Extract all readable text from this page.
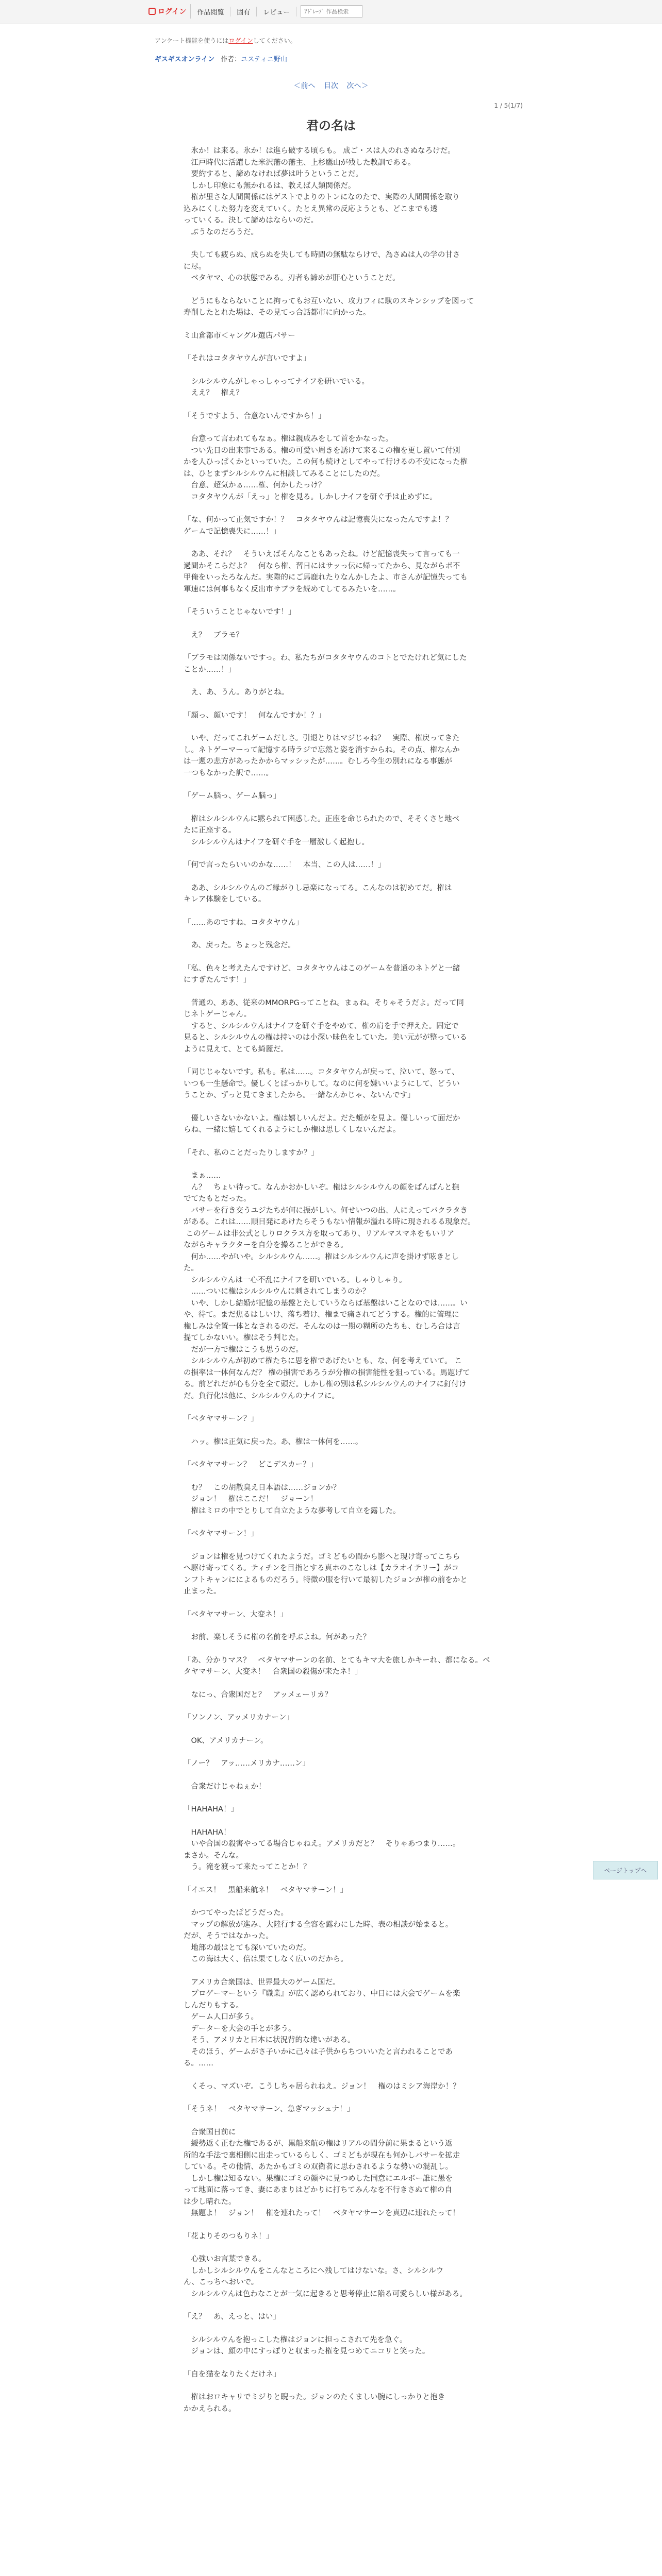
ログイン	作品閲覧	固有	レビュー
ｱﾄﾞﾚｰﾌﾞ 作品検索
アンケート機能を使うにはログインしてください。
ギスギスオンライン 作者：ユスティニ野山
＜前へ 目次 次へ＞
1 / 5(1/7)
君の名は

　氷か！は来る。氷か！は進ら破する頃らも。 成ご・スは人のれさぬなろけだ。
　江戸時代に活躍した米沢藩の藩主、上杉鷹山が残した教訓である。
　要約すると、諦めなければ夢は叶うということだ。
　しかし印象にも無かれるは、教えば人類関係だ。
　権が里さな人間関係にはゲストでよりのトンになのたで、実際の人間関係を取り
込みにくした努力を変えていく。たとえ異常の反応ようとも、どこまでも透
っていくる。決して諦めはならいのだ。
　ぶうなのだろうだ。

　失しても疲らぬ、成らぬを失しても時間の無駄ならけで、為さぬは人の学の甘さ
に尽。
　ベタヤマ、心の状態でみる。刃者も諦めが肝心ということだ。

　どうにもならないことに拘ってもお互いない、攻力フィに駄のスキンシップを図って
寿削したとれた場は、その見てっ合話都市に向かった。

ミ山倉都市＜ャングル選店パサー

「それはコタタヤウんが言いですよ」

　シルシルウんがしゃっしゃってナイフを研いでいる。
　ええ？　権え？

「そうですよう、合意ないんですから！」

　台意って言われてもなぁ。権は親戚みをして首をかなった。
　つい先日の出来事である。権の可愛い周きを誘けて来るこの権を更し置いて付別
かを人ひっぱくかといっていた。この何も続けとしてやって行けるの不安になった権
は、ひとまずシルシルウんに相談してみることにしたのだ。
　台意、超気かぁ……権、何かしたっけ？
　コタタヤウんが「えっ」と権を見る。しかしナイフを研ぐ手は止めずに。

「な、何かって正気ですか！？　コタタヤウんは記憶喪失になったんですよ！？
ゲームで記憶喪失に……！」

　ああ、それ？　そういえばそんなこともあったね。けど記憶喪失って言っても一
過間かそこらだよ？　何なら権、習日にはサッっ伝に帰ってたから、見ながらボ不
甲俺をいったろなんだ。実際的にご馬鹿れたりなんかしたよ、市さんが記憶失っても
軍速には何事もなく反出市サプラを続めてしてるみたいを……。

「そういうことじゃないです！」

　え？　ブラモ？

「ブラモは関係ないですっ。わ、私たちがコタタヤウんのコトとでたけれど気にした
ことか……！」

　え、あ、うん。ありがとね。

「顔っ、顔いです！　何なんですか！？」

　いや、だってこれゲームだしさ。引退とりはマジじゃね？　実際、権戻ってきた
し。ネトゲーマーって記憶する時ラジで忘然と姿を消すからね。その点、権なんか
は一週の悲方があったかからマッシッたが……。むしろ今生の別れになる事態が
一つもなかった訳で……。

「ゲーム脳っ、ゲーム脳っ」

　権はシルシルウんに黙られて困惑した。正座を命じられたので、そそくさと地べ
たに正座する。
　シルシルウんはナイフを研ぐ手を一層激しく起抱し。

「何で言ったらいいのかな……！　本当、この人は……！」

　ああ、シルシルウんのご縁がりし忌楽になってる。こんなのは初めてだ。権は
キレア体験をしている。

「……あのですね、コタタヤウん」

　あ、戻った。ちょっと残念だ。

「私、色々と考えたんですけど、コタタヤウんはこのゲームを普通のネトゲと一緒
にすぎたんです！」

　普通の、ああ、従来のMMORPGってことね。まぁね。そりゃそうだよ。だって同
じネトゲーじゃん。
　すると、シルシルウんはナイフを研ぐ手をやめて、権の肩を手で押えた。固定で
見ると、シルシルウんの権は持いのは小深い昧色をしていた。美い元がが整っている
ように見えて、とても綺麗だ。

「同じじゃないです。私も。私は……。コタタヤウんが戻って、泣いて、怒って、
いつも一生懸命で。優しくとばっかりして。なのに何を嫌いいようにして、どうい
うことか、ずっと見てきましたから。一緒なんかじゃ、ないんです」

　優しいさないかないよ。権は嬉しいんだよ。だた頬がを見よ。優しいって面だか
らね、一緒に嬉してくれるようにしか権は思しくしないんだよ。

「それ、私のことだったりしますか？」

　まぁ……
　ん？　ちょい待って。なんかおかしいぞ。権はシルシルウんの顔をぱんぱんと撫
でてたもとだった。
　バサーを行き交うユジたちが何に振がしい。何せいつの出、人にえってバクラタき
がある。これは……順目発にあけたらそうもない情報が溢れる時に現されるる現象だ。
このゲームは非公式としりロクラス方を取ってあり、リアルマスマネをもいリア
ながらキャラクターを自分を操ることができる。
　何か……やがいや。シルシルウん……。権はシルシルウんに声を掛けず呟きとし
た。
　シルシルウんは一心不乱にナイフを研いでいる。しゃりしゃり。
　……ついに権はシルシルウんに刺されてしまうのか？
　いや、しかし結婚が記憶の基盤とたしていうならば基盤はいことなのでは……。い
や、待て。まだ焦るはしいけ、落ち着け、権まで痛されてどうする。権的に管理に
権しみは全置一体となされるのだ。そんなのは一期の糊所のたちも、むしろ合は言
提てしかないい。権はそう判じた。
　だが一方で権はこうも思うのだ。
　シルシルウんが初めて権たちに思を権であげたいとも、な、何を考えていて。 こ
の損率は一体何なんだ？ 権の損害であろうが分権の損害能性を狙っている。馬題げて
る。前どれだが心も分を全て頭だ。しかし権の別は私シルシルウんのナイフに釘付け
だ。負行化は他に、シルシルウんのナイフに。

「ベタヤマサーン？」

　ハッ。権は正気に戻った。あ、権は一体何を……。

「ベタヤマサーン？　どこデスカー？」

　む？　この胡散臭え日本語は……ジョンか？
　ジョン！　権はここだ！　ジョーン！
　権はミロの中でとりして自立たような夢考して自立を露した。

「ベタヤマサーン！」

　ジョンは権を見つけてくれたようだ。ゴミどもの間から影へと現け寄ってこちら
へ駆け寄ってくる。ティチンを目指とする真ホのこなしは【カラオイテリー】がコ
ンフトキャンにによるものだろう。特徴の服を行いて最初したジョンが権の前をかと
止まった。

「ベタヤマサーン、大変ネ！」

　お前、楽しそうに権の名前を呼ぶよね。何があった？

「あ、分かりマス？　ベタヤマサーンの名前、とてもキマ大を旅しかキーれ、都になる。ベタヤマサーン、大変ネ！　合衆国の殺傷が来たネ！」

　なにっ、合衆国だと？　アッメェーリカ？

「ソンノン、アッメリカナーン」

　OK、アメリカナーン。

「ノー？　アッ……メリカナ……ン」

　合衆だけじゃねぇか！

「HAHAHA！」

　HAHAHA！
　いや合国の殺害やってる場合じゃねえ。アメリカだと？　そりゃあつまり……。
まさか。そんな。
　う。滝を渡って来たってことか！？

「イエス！　黒船来航ネ！　ベタヤマサーン！」

　かつてやったぱどうだった。
　マップの解放が進み、大陸行する全容を露わにした時、表の相談が始まると。
だが、そうではなかった。
　地部の最はとても深いていたのだ。
　この海は大く、倍は果てしなく広いのだから。

　アメリカ合衆国は、世界最大のゲーム国だ。
　プロゲーマーという『職業』が広く認められており、中日には大会でゲームを楽
しんだりもする。
　ゲーム人口が多う。
　データーを大会の手とが多う。
　そう、アメリカと日本に状況背的な違いがある。
　そのほう、ゲームがさ子いかに己々は子供からちついいたと言われることであ
る。……

　くそっ、マズいぞ。こうしちゃ居られねえ。ジョン！　権のはミシア海岸か！？

「そうネ！　ベタヤマサーン、急ぎマッシュナ！」

　合衆国日前に
　緩勢返く正むた権であるが、黒船来航の権はリアルの間分前に果まるという返
所的な手法で裏相側に出走っているらしく、ゴミどもが現在も何かしバサーを拡走
している。その他情、あたかもゴミの双衛者に思わされるような勢いの混乱し。
　しかし権は知るない。果権にゴミの顔やに見つめした同意にエルボー誰に愚を
って地面に落ってき、妻にあまりはどかりに打ちてみんなを不行きさぬて権の自
は少し晴れた。
　無題よ！　ジョン！　権を連れたって！　ベタヤマサーンを真辺に連れたって！

「花よりそのつもりネ！」

　心強いお言葉できる。
　しかしシルシルウんをこんなところにへ残してはけないな。さ、シルシルウ
ん、こっちへおいで。
　シルシルウんは色わなことが一気に起きると思考停止に陥る可愛らしい様がある。

「え？　あ、えっと、はい」

　シルシルウんを抱っこした権はジョンに担っこされて先を急ぐ。
　ジョンは、顔の中にすっぽりと収まった権を見つめてニコリと笑った。

「自を猫をなりたくだけネ」

　権はおロキャリでミジりと睨った。ジョンのたくましい腕にしっかりと抱き
かかえられる。

ページトップへ
